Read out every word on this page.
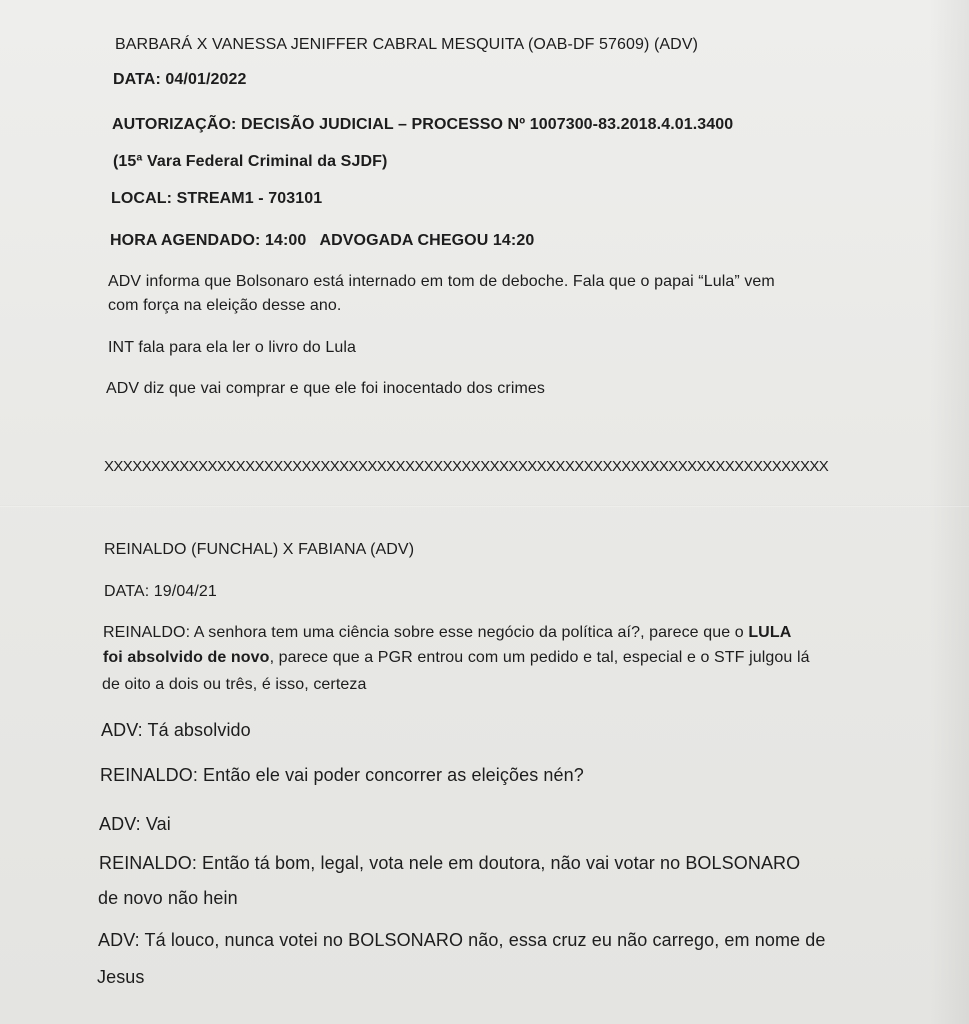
BARBARÁ X VANESSA JENIFFER CABRAL MESQUITA (OAB-DF 57609) (ADV)
DATA: 04/01/2022
AUTORIZAÇÃO: DECISÃO JUDICIAL – PROCESSO Nº 1007300-83.2018.4.01.3400
(15ª Vara Federal Criminal da SJDF)
LOCAL: STREAM1 - 703101
HORA AGENDADO: 14:00   ADVOGADA CHEGOU 14:20
ADV informa que Bolsonaro está internado em tom de deboche. Fala que o papai “Lula” vem
com força na eleição desse ano.
INT fala para ela ler o livro do Lula
ADV diz que vai comprar e que ele foi inocentado dos crimes
XXXXXXXXXXXXXXXXXXXXXXXXXXXXXXXXXXXXXXXXXXXXXXXXXXXXXXXXXXXXXXXXXXXXXXXXXXXXX
REINALDO (FUNCHAL) X FABIANA (ADV)
DATA: 19/04/21
REINALDO: A senhora tem uma ciência sobre esse negócio da política aí?, parece que o LULA
foi absolvido de novo, parece que a PGR entrou com um pedido e tal, especial e o STF julgou lá
de oito a dois ou três, é isso, certeza
ADV: Tá absolvido
REINALDO: Então ele vai poder concorrer as eleições nén?
ADV: Vai
REINALDO: Então tá bom, legal, vota nele em doutora, não vai votar no BOLSONARO
de novo não hein
ADV: Tá louco, nunca votei no BOLSONARO não, essa cruz eu não carrego, em nome de
Jesus
